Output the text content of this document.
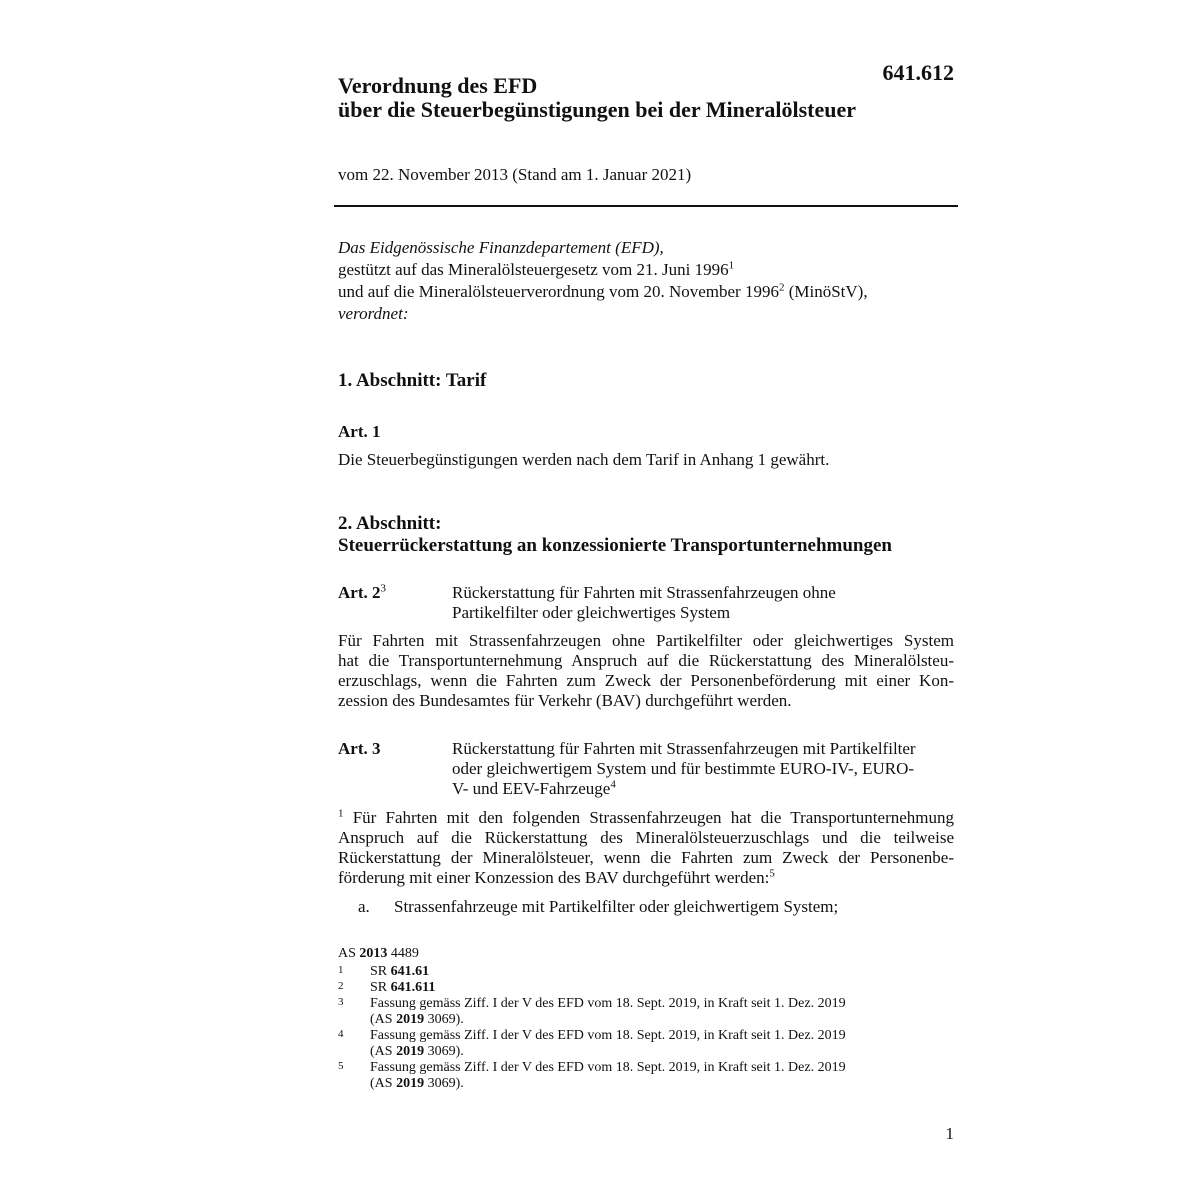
641.612
Verordnung des EFD
über die Steuerbegünstigungen bei der Mineralölsteuer
vom 22. November 2013 (Stand am 1. Januar 2021)
Das Eidgenössische Finanzdepartement (EFD),
gestützt auf das Mineralölsteuergesetz vom 21. Juni 1996$^1$
und auf die Mineralölsteuerverordnung vom 20. November 1996$^2$ (MinöStV),
verordnet:
1. Abschnitt: Tarif
Art. 1
Die Steuerbegünstigungen werden nach dem Tarif in Anhang 1 gewährt.
2. Abschnitt:
Steuerrückerstattung an konzessionierte Transportunternehmungen
Art. $2^3$	Rückerstattung für Fahrten mit Strassenfahrzeugen ohne
Partikelfilter oder gleichwertiges System
Für Fahrten mit Strassenfahrzeugen ohne Partikelfilter oder gleichwertiges System
hat die Transportunternehmung Anspruch auf die Rückerstattung des Mineralölsteu-
erzuschlags, wenn die Fahrten zum Zweck der Personenbeförderung mit einer Kon-
zession des Bundesamtes für Verkehr (BAV) durchgeführt werden.
Art. 3	Rückerstattung für Fahrten mit Strassenfahrzeugen mit Partikelfilter
oder gleichwertigem System und für bestimmte EURO-IV-, EURO-
V- und EEV-Fahrzeuge$^4$
$^1$ Für Fahrten mit den folgenden Strassenfahrzeugen hat die Transportunternehmung
Anspruch auf die Rückerstattung des Mineralölsteuerzuschlags und die teilweise
Rückerstattung der Mineralölsteuer, wenn die Fahrten zum Zweck der Personenbe-
förderung mit einer Konzession des BAV durchgeführt werden:$^5$
a. Strassenfahrzeuge mit Partikelfilter oder gleichwertigem System;
AS 2013 4489
1 SR 641.61
2 SR 641.611
3 Fassung gemäss Ziff. I der V des EFD vom 18. Sept. 2019, in Kraft seit 1. Dez. 2019
(AS 2019 3069).
4 Fassung gemäss Ziff. I der V des EFD vom 18. Sept. 2019, in Kraft seit 1. Dez. 2019
(AS 2019 3069).
5 Fassung gemäss Ziff. I der V des EFD vom 18. Sept. 2019, in Kraft seit 1. Dez. 2019
(AS 2019 3069).
1
